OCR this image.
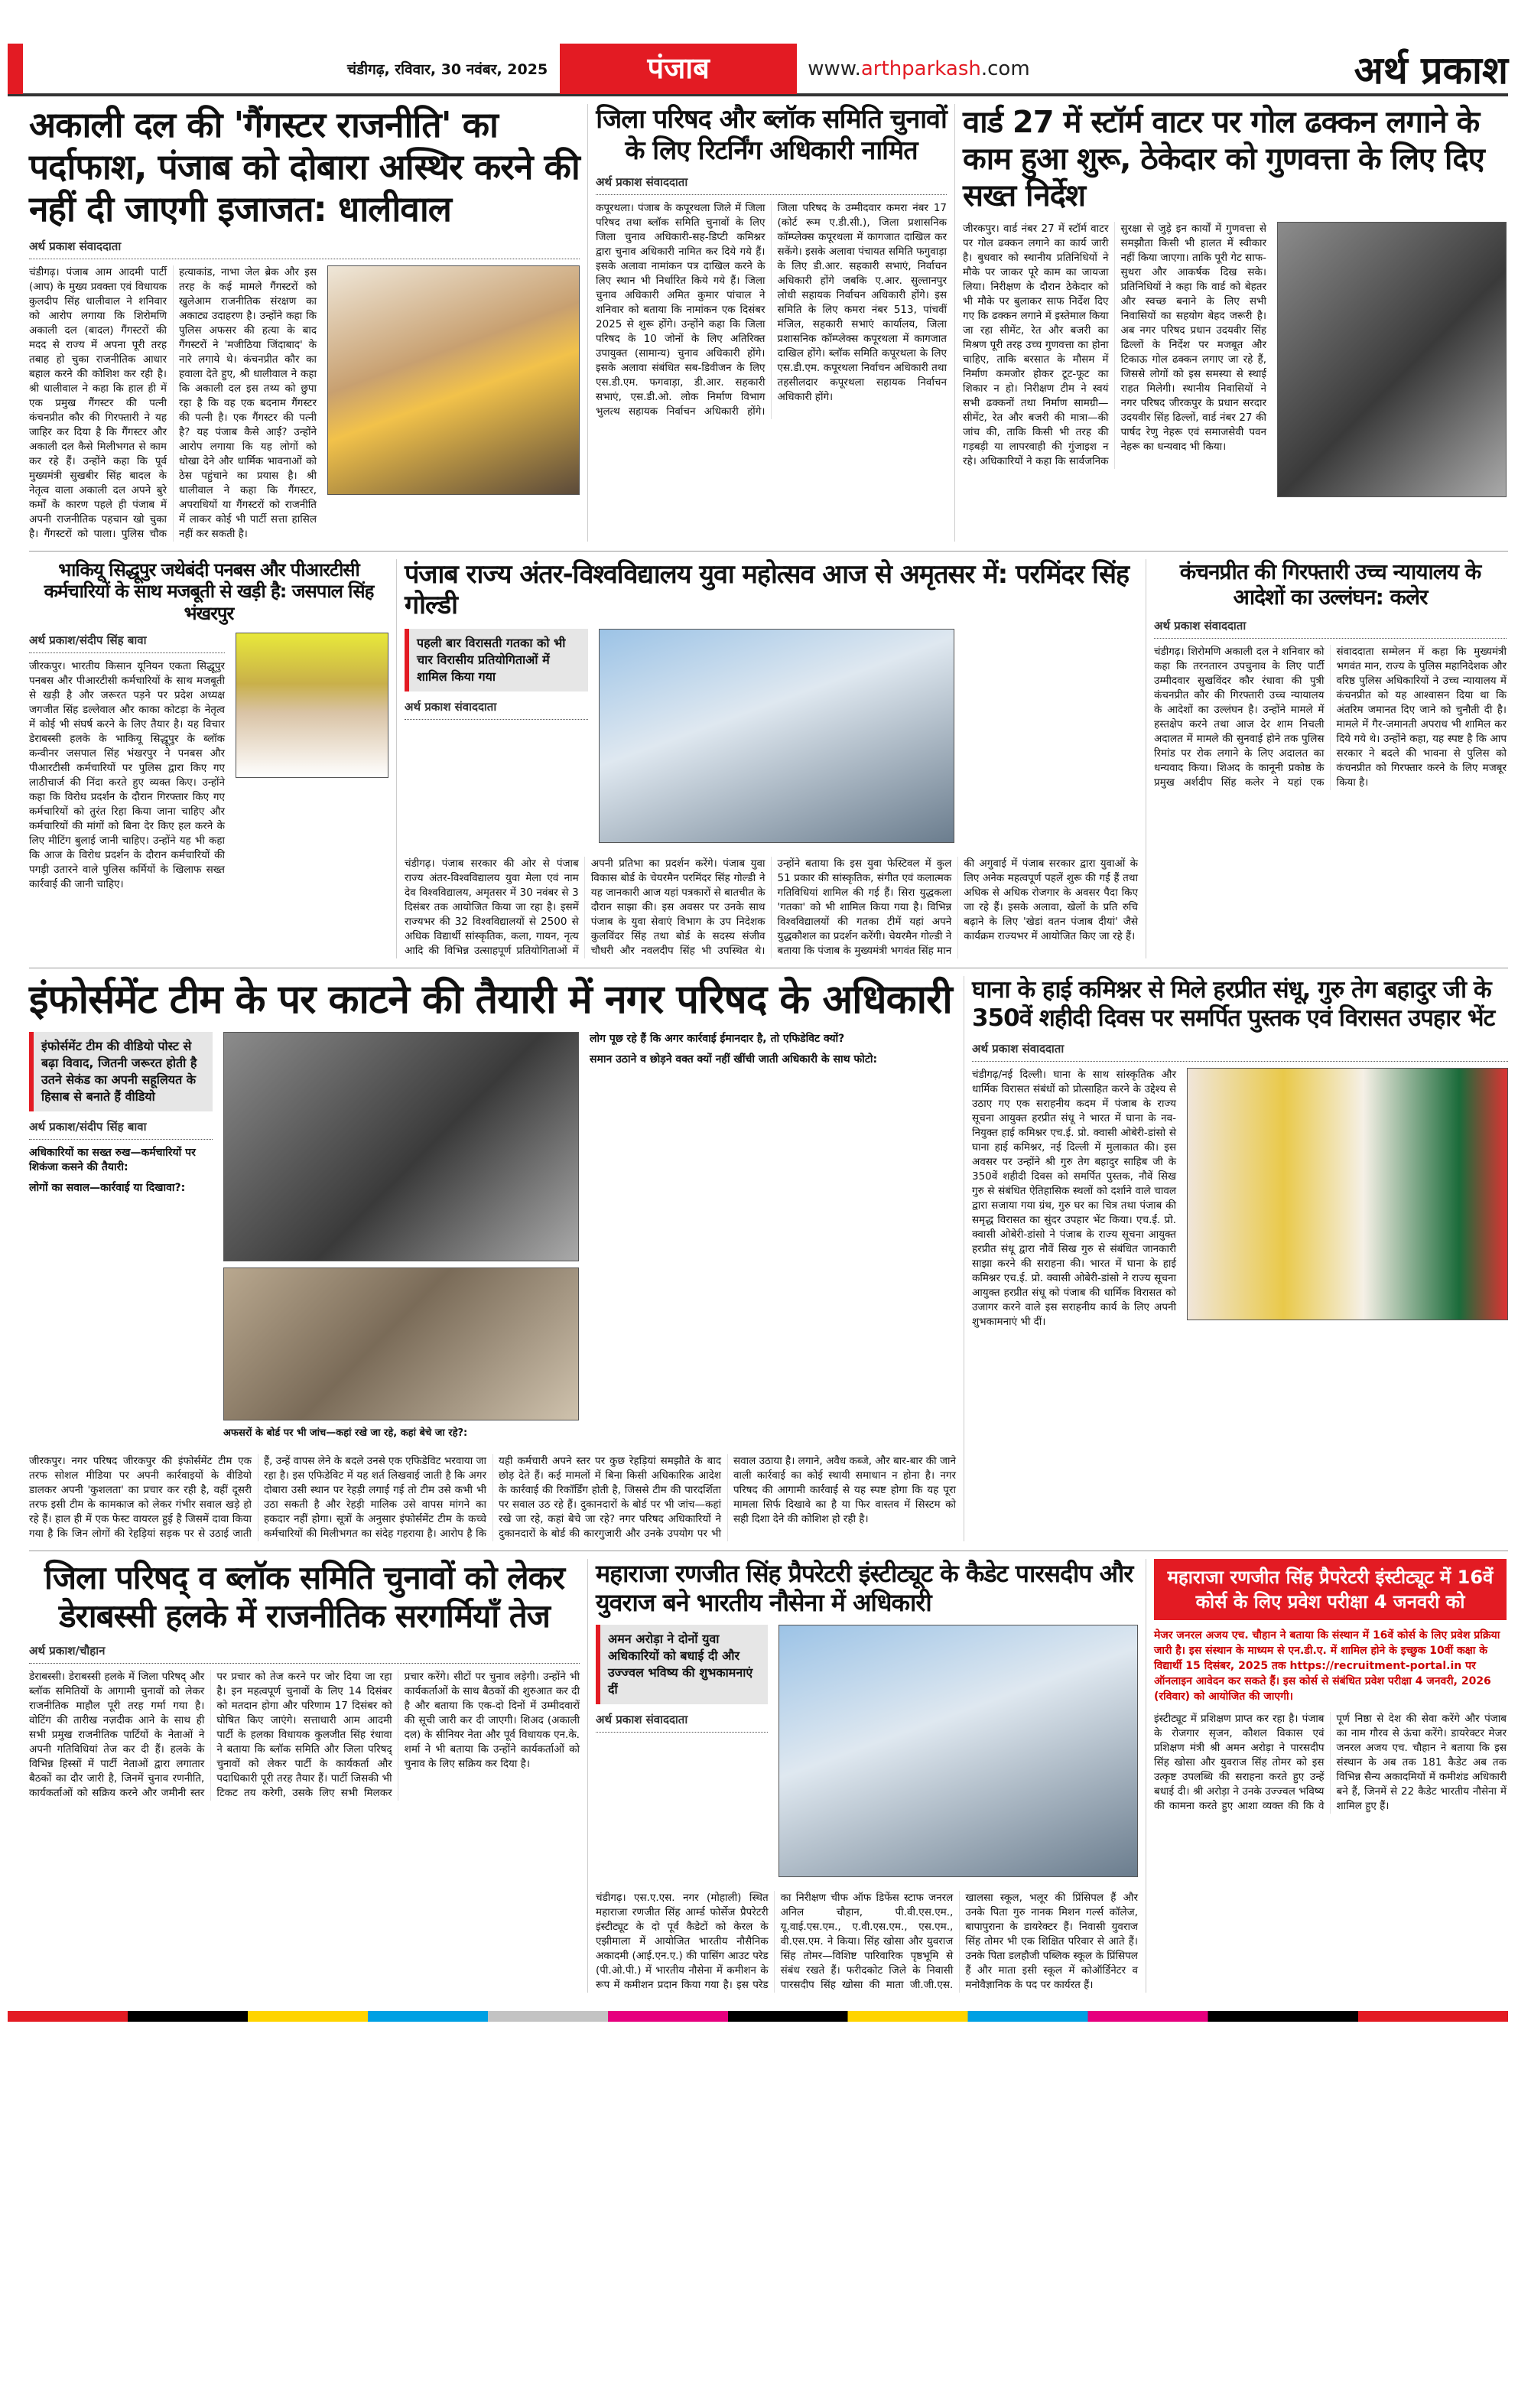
चंडीगढ़, रविवार, 30 नवंबर, 2025	पंजाब	www.arthparkash.com	अर्थ प्रकाश
अकाली दल की 'गैंगस्टर राजनीति' का पर्दाफाश, पंजाब को दोबारा अस्थिर करने की नहीं दी जाएगी इजाजत: धालीवाल
अर्थ प्रकाश संवाददाता
चंडीगढ़। पंजाब आम आदमी पार्टी (आप) के मुख्य प्रवक्ता एवं विधायक कुलदीप सिंह धालीवाल ने शनिवार को आरोप लगाया कि शिरोमणि अकाली दल (बादल) गैंगस्टरों की मदद से राज्य में अपना पूरी तरह तबाह हो चुका राजनीतिक आधार बहाल करने की कोशिश कर रही है। श्री धालीवाल ने कहा कि हाल ही में एक प्रमुख गैंगस्टर की पत्नी कंचनप्रीत कौर की गिरफ्तारी ने यह जाहिर कर दिया है कि गैंगस्टर और अकाली दल कैसे मिलीभगत से काम कर रहे हैं। उन्होंने कहा कि पूर्व मुख्यमंत्री सुखबीर सिंह बादल के नेतृत्व वाला अकाली दल अपने बुरे कर्मों के कारण पहले ही पंजाब में अपनी राजनीतिक पहचान खो चुका है। गैंगस्टरों को पाला। पुलिस चौक हत्याकांड, नाभा जेल ब्रेक और इस तरह के कई मामले गैंगस्टरों को खुलेआम राजनीतिक संरक्षण का अकाट्य उदाहरण है। उन्होंने कहा कि पुलिस अफसर की हत्या के बाद गैंगस्टरों ने 'मजीठिया जिंदाबाद' के नारे लगाये थे। कंचनप्रीत कौर का हवाला देते हुए, श्री धालीवाल ने कहा कि अकाली दल इस तथ्य को छुपा रहा है कि वह एक बदनाम गैंगस्टर की पत्नी है। एक गैंगस्टर की पत्नी है? यह पंजाब कैसे आई? उन्होंने आरोप लगाया कि यह लोगों को धोखा देने और धार्मिक भावनाओं को ठेस पहुंचाने का प्रयास है। श्री धालीवाल ने कहा कि गैंगस्टर, अपराधियों या गैंगस्टरों को राजनीति में लाकर कोई भी पार्टी सत्ता हासिल नहीं कर सकती है।
जिला परिषद और ब्लॉक समिति चुनावों के लिए रिटर्निंग अधिकारी नामित
अर्थ प्रकाश संवाददाता
कपूरथला। पंजाब के कपूरथला जिले में जिला परिषद तथा ब्लॉक समिति चुनावों के लिए जिला चुनाव अधिकारी-सह-डिप्टी कमिश्नर द्वारा चुनाव अधिकारी नामित कर दिये गये हैं। इसके अलावा नामांकन पत्र दाखिल करने के लिए स्थान भी निर्धारित किये गये हैं। जिला चुनाव अधिकारी अमित कुमार पांचाल ने शनिवार को बताया कि नामांकन एक दिसंबर 2025 से शुरू होंगे। उन्होंने कहा कि जिला परिषद के 10 जोनों के लिए अतिरिक्त उपायुक्त (सामान्य) चुनाव अधिकारी होंगे। इसके अलावा संबंधित सब-डिवीजन के लिए एस.डी.एम. फगवाड़ा, डी.आर. सहकारी सभाएं, एस.डी.ओ. लोक निर्माण विभाग भुलत्थ सहायक निर्वाचन अधिकारी होंगे। जिला परिषद के उम्मीदवार कमरा नंबर 17 (कोर्ट रूम ए.डी.सी.), जिला प्रशासनिक कॉम्प्लेक्स कपूरथला में कागजात दाखिल कर सकेंगे। इसके अलावा पंचायत समिति फगुवाड़ा के लिए डी.आर. सहकारी सभाएं, निर्वाचन अधिकारी होंगे जबकि ए.आर. सुल्तानपुर लोधी सहायक निर्वाचन अधिकारी होंगे। इस समिति के लिए कमरा नंबर 513, पांचवीं मंजिल, सहकारी सभाएं कार्यालय, जिला प्रशासनिक कॉम्प्लेक्स कपूरथला में कागजात दाखिल होंगे। ब्लॉक समिति कपूरथला के लिए एस.डी.एम. कपूरथला निर्वाचन अधिकारी तथा तहसीलदार कपूरथला सहायक निर्वाचन अधिकारी होंगे।
वार्ड 27 में स्टॉर्म वाटर पर गोल ढक्कन लगाने के काम हुआ शुरू, ठेकेदार को गुणवत्ता के लिए दिए सख्त निर्देश
जीरकपुर। वार्ड नंबर 27 में स्टॉर्म वाटर पर गोल ढक्कन लगाने का कार्य जारी है। बुधवार को स्थानीय प्रतिनिधियों ने मौके पर जाकर पूरे काम का जायजा लिया। निरीक्षण के दौरान ठेकेदार को भी मौके पर बुलाकर साफ निर्देश दिए गए कि ढक्कन लगाने में इस्तेमाल किया जा रहा सीमेंट, रेत और बजरी का मिश्रण पूरी तरह उच्च गुणवत्ता का होना चाहिए, ताकि बरसात के मौसम में निर्माण कमजोर होकर टूट-फूट का शिकार न हो। निरीक्षण टीम ने स्वयं सभी ढक्कनों तथा निर्माण सामग्री—सीमेंट, रेत और बजरी की मात्रा—की जांच की, ताकि किसी भी तरह की गड़बड़ी या लापरवाही की गुंजाइश न रहे। अधिकारियों ने कहा कि सार्वजनिक सुरक्षा से जुड़े इन कार्यों में गुणवत्ता से समझौता किसी भी हालत में स्वीकार नहीं किया जाएगा। ताकि पूरी गेट साफ-सुथरा और आकर्षक दिख सके। प्रतिनिधियों ने कहा कि वार्ड को बेहतर और स्वच्छ बनाने के लिए सभी निवासियों का सहयोग बेहद जरूरी है। अब नगर परिषद प्रधान उदयवीर सिंह ढिल्लों के निर्देश पर मजबूत और टिकाऊ गोल ढक्कन लगाए जा रहे हैं, जिससे लोगों को इस समस्या से स्थाई राहत मिलेगी। स्थानीय निवासियों ने नगर परिषद जीरकपुर के प्रधान सरदार उदयवीर सिंह ढिल्लों, वार्ड नंबर 27 की पार्षद रेणु नेहरू एवं समाजसेवी पवन नेहरू का धन्यवाद भी किया।
भाकियू सिद्धूपुर जथेबंदी पनबस और पीआरटीसी कर्मचारियों के साथ मजबूती से खड़ी है: जसपाल सिंह भंखरपुर
अर्थ प्रकाश/संदीप सिंह बावा
जीरकपुर। भारतीय किसान यूनियन एकता सिद्धूपुर पनबस और पीआरटीसी कर्मचारियों के साथ मजबूती से खड़ी है और जरूरत पड़ने पर प्रदेश अध्यक्ष जगजीत सिंह डल्लेवाल और काका कोटड़ा के नेतृत्व में कोई भी संघर्ष करने के लिए तैयार है। यह विचार डेराबस्सी हलके के भाकियू सिद्धूपुर के ब्लॉक कन्वीनर जसपाल सिंह भंखरपुर ने पनबस और पीआरटीसी कर्मचारियों पर पुलिस द्वारा किए गए लाठीचार्ज की निंदा करते हुए व्यक्त किए। उन्होंने कहा कि विरोध प्रदर्शन के दौरान गिरफ्तार किए गए कर्मचारियों को तुरंत रिहा किया जाना चाहिए और कर्मचारियों की मांगों को बिना देर किए हल करने के लिए मीटिंग बुलाई जानी चाहिए। उन्होंने यह भी कहा कि आज के विरोध प्रदर्शन के दौरान कर्मचारियों की पगड़ी उतारने वाले पुलिस कर्मियों के खिलाफ सख्त कार्रवाई की जानी चाहिए।
पंजाब राज्य अंतर-विश्वविद्यालय युवा महोत्सव आज से अमृतसर में: परमिंदर सिंह गोल्डी
पहली बार विरासती गतका को भी चार विरासीय प्रतियोगिताओं में शामिल किया गया
अर्थ प्रकाश संवाददाता
चंडीगढ़। पंजाब सरकार की ओर से पंजाब राज्य अंतर-विश्वविद्यालय युवा मेला एवं नाम देव विश्वविद्यालय, अमृतसर में 30 नवंबर से 3 दिसंबर तक आयोजित किया जा रहा है। इसमें राज्यभर की 32 विश्वविद्यालयों से 2500 से अधिक विद्यार्थी सांस्कृतिक, कला, गायन, नृत्य आदि की विभिन्न उत्साहपूर्ण प्रतियोगिताओं में अपनी प्रतिभा का प्रदर्शन करेंगे। पंजाब युवा विकास बोर्ड के चेयरमैन परमिंदर सिंह गोल्डी ने यह जानकारी आज यहां पत्रकारों से बातचीत के दौरान साझा की। इस अवसर पर उनके साथ पंजाब के युवा सेवाएं विभाग के उप निदेशक कुलविंदर सिंह तथा बोर्ड के सदस्य संजीव चौधरी और नवलदीप सिंह भी उपस्थित थे। उन्होंने बताया कि इस युवा फेस्टिवल में कुल 51 प्रकार की सांस्कृतिक, संगीत एवं कलात्मक गतिविधियां शामिल की गई हैं। सिरा युद्धकला 'गतका' को भी शामिल किया गया है। विभिन्न विश्वविद्यालयों की गतका टीमें यहां अपने युद्धकौशल का प्रदर्शन करेंगी। चेयरमैन गोल्डी ने बताया कि पंजाब के मुख्यमंत्री भगवंत सिंह मान की अगुवाई में पंजाब सरकार द्वारा युवाओं के लिए अनेक महत्वपूर्ण पहलें शुरू की गई हैं तथा अधिक से अधिक रोजगार के अवसर पैदा किए जा रहे हैं। इसके अलावा, खेलों के प्रति रुचि बढ़ाने के लिए 'खेडां वतन पंजाब दीयां' जैसे कार्यक्रम राज्यभर में आयोजित किए जा रहे हैं।
कंचनप्रीत की गिरफ्तारी उच्च न्यायालय के आदेशों का उल्लंघन: कलेर
अर्थ प्रकाश संवाददाता
चंडीगढ़। शिरोमणि अकाली दल ने शनिवार को कहा कि तरनतारन उपचुनाव के लिए पार्टी उम्मीदवार सुखविंदर कौर रंधावा की पुत्री कंचनप्रीत कौर की गिरफ्तारी उच्च न्यायालय के आदेशों का उल्लंघन है। उन्होंने मामले में हस्तक्षेप करने तथा आज देर शाम निचली अदालत में मामले की सुनवाई होने तक पुलिस रिमांड पर रोक लगाने के लिए अदालत का धन्यवाद किया। शिअद के कानूनी प्रकोष्ठ के प्रमुख अर्शदीप सिंह कलेर ने यहां एक संवाददाता सम्मेलन में कहा कि मुख्यमंत्री भगवंत मान, राज्य के पुलिस महानिदेशक और वरिष्ठ पुलिस अधिकारियों ने उच्च न्यायालय में कंचनप्रीत को यह आश्वासन दिया था कि अंतरिम जमानत दिए जाने को चुनौती दी है। मामले में गैर-जमानती अपराध भी शामिल कर दिये गये थे। उन्होंने कहा, यह स्पष्ट है कि आप सरकार ने बदले की भावना से पुलिस को कंचनप्रीत को गिरफ्तार करने के लिए मजबूर किया है।
इंफोर्समेंट टीम के पर काटने की तैयारी में नगर परिषद के अधिकारी
इंफोर्समेंट टीम की वीडियो पोस्ट से बढ़ा विवाद, जितनी जरूरत होती है उतने सेकंड का अपनी सहूलियत के हिसाब से बनाते हैं वीडियो
अर्थ प्रकाश/संदीप सिंह बावा
अधिकारियों का सख्त रुख—कर्मचारियों पर शिकंजा कसने की तैयारी:
लोगों का सवाल—कार्रवाई या दिखावा?:
अफसरों के बोर्ड पर भी जांच—कहां रखे जा रहे, कहां बेचे जा रहे?:
लोग पूछ रहे हैं कि अगर कार्रवाई ईमानदार है, तो एफिडेविट क्यों?
समान उठाने व छोड़ने वक्त क्यों नहीं खींची जाती अधिकारी के साथ फोटो:
जीरकपुर। नगर परिषद जीरकपुर की इंफोर्समेंट टीम एक तरफ सोशल मीडिया पर अपनी कार्रवाइयों के वीडियो डालकर अपनी 'कुशलता' का प्रचार कर रही है, वहीं दूसरी तरफ इसी टीम के कामकाज को लेकर गंभीर सवाल खड़े हो रहे हैं। हाल ही में एक फेस्ट वायरल हुई है जिसमें दावा किया गया है कि जिन लोगों की रेहड़ियां सड़क पर से उठाई जाती हैं, उन्हें वापस लेने के बदले उनसे एक एफिडेविट भरवाया जा रहा है। इस एफिडेविट में यह शर्त लिखवाई जाती है कि अगर दोबारा उसी स्थान पर रेहड़ी लगाई गई तो टीम उसे कभी भी उठा सकती है और रेहड़ी मालिक उसे वापस मांगने का हकदार नहीं होगा। सूत्रों के अनुसार इंफोर्समेंट टीम के कच्चे कर्मचारियों की मिलीभगत का संदेह गहराया है। आरोप है कि यही कर्मचारी अपने स्तर पर कुछ रेहड़ियां समझौते के बाद छोड़ देते हैं। कई मामलों में बिना किसी अधिकारिक आदेश के कार्रवाई की रिकॉर्डिंग होती है, जिससे टीम की पारदर्शिता पर सवाल उठ रहे हैं। दुकानदारों के बोर्ड पर भी जांच—कहां रखे जा रहे, कहां बेचे जा रहे? नगर परिषद अधिकारियों ने दुकानदारों के बोर्ड की कारगुजारी और उनके उपयोग पर भी सवाल उठाया है। लगाने, अवैध कब्जे, और बार-बार की जाने वाली कार्रवाई का कोई स्थायी समाधान न होना है। नगर परिषद की आगामी कार्रवाई से यह स्पष्ट होगा कि यह पूरा मामला सिर्फ दिखावे का है या फिर वास्तव में सिस्टम को सही दिशा देने की कोशिश हो रही है।
घाना के हाई कमिश्नर से मिले हरप्रीत संधू, गुरु तेग बहादुर जी के 350वें शहीदी दिवस पर समर्पित पुस्तक एवं विरासत उपहार भेंट
अर्थ प्रकाश संवाददाता
चंडीगढ़/नई दिल्ली। घाना के साथ सांस्कृतिक और धार्मिक विरासत संबंधों को प्रोत्साहित करने के उद्देश्य से उठाए गए एक सराहनीय कदम में पंजाब के राज्य सूचना आयुक्त हरप्रीत संधू ने भारत में घाना के नव-नियुक्त हाई कमिश्नर एच.ई. प्रो. क्वासी ओबेरी-डांसो से घाना हाई कमिश्नर, नई दिल्ली में मुलाकात की। इस अवसर पर उन्होंने श्री गुरु तेग बहादुर साहिब जी के 350वें शहीदी दिवस को समर्पित पुस्तक, नौवें सिख गुरु से संबंधित ऐतिहासिक स्थलों को दर्शाने वाले चावल द्वारा सजाया गया ग्रंथ, गुरु घर का चित्र तथा पंजाब की समृद्ध विरासत का सुंदर उपहार भेंट किया। एच.ई. प्रो. क्वासी ओबेरी-डांसो ने पंजाब के राज्य सूचना आयुक्त हरप्रीत संधू द्वारा नौवें सिख गुरु से संबंधित जानकारी साझा करने की सराहना की। भारत में घाना के हाई कमिश्नर एच.ई. प्रो. क्वासी ओबेरी-डांसो ने राज्य सूचना आयुक्त हरप्रीत संधू को पंजाब की धार्मिक विरासत को उजागर करने वाले इस सराहनीय कार्य के लिए अपनी शुभकामनाएं भी दीं।
जिला परिषद् व ब्लॉक समिति चुनावों को लेकर डेराबस्सी हलके में राजनीतिक सरगर्मियाँ तेज
अर्थ प्रकाश/चौहान
डेराबस्सी। डेराबस्सी हलके में जिला परिषद् और ब्लॉक समितियों के आगामी चुनावों को लेकर राजनीतिक माहौल पूरी तरह गर्मा गया है। वोटिंग की तारीख नज़दीक आने के साथ ही सभी प्रमुख राजनीतिक पार्टियों के नेताओं ने अपनी गतिविधियां तेज कर दी हैं। हलके के विभिन्न हिस्सों में पार्टी नेताओं द्वारा लगातार बैठकों का दौर जारी है, जिनमें चुनाव रणनीति, कार्यकर्ताओं को सक्रिय करने और जमीनी स्तर पर प्रचार को तेज करने पर जोर दिया जा रहा है। इन महत्वपूर्ण चुनावों के लिए 14 दिसंबर को मतदान होगा और परिणाम 17 दिसंबर को घोषित किए जाएंगे। सत्ताधारी आम आदमी पार्टी के हलका विधायक कुलजीत सिंह रंधावा ने बताया कि ब्लॉक समिति और जिला परिषद् चुनावों को लेकर पार्टी के कार्यकर्ता और पदाधिकारी पूरी तरह तैयार हैं। पार्टी जिसकी भी टिकट तय करेगी, उसके लिए सभी मिलकर प्रचार करेंगे। सीटों पर चुनाव लड़ेगी। उन्होंने भी कार्यकर्ताओं के साथ बैठकों की शुरुआत कर दी है और बताया कि एक-दो दिनों में उम्मीदवारों की सूची जारी कर दी जाएगी। शिअद (अकाली दल) के सीनियर नेता और पूर्व विधायक एन.के. शर्मा ने भी बताया कि उन्होंने कार्यकर्ताओं को चुनाव के लिए सक्रिय कर दिया है।
महाराजा रणजीत सिंह प्रैपरेटरी इंस्टीट्यूट के कैडेट पारसदीप और युवराज बने भारतीय नौसेना में अधिकारी
अमन अरोड़ा ने दोनों युवा अधिकारियों को बधाई दी और उज्ज्वल भविष्य की शुभकामनाएं दीं
अर्थ प्रकाश संवाददाता
चंडीगढ़। एस.ए.एस. नगर (मोहाली) स्थित महाराजा रणजीत सिंह आर्म्ड फोर्सेज प्रैपरेटरी इंस्टीट्यूट के दो पूर्व कैडेटों को केरल के एझीमाला में आयोजित भारतीय नौसैनिक अकादमी (आई.एन.ए.) की पासिंग आउट परेड (पी.ओ.पी.) में भारतीय नौसेना में कमीशन के रूप में कमीशन प्रदान किया गया है। इस परेड का निरीक्षण चीफ ऑफ डिफेंस स्टाफ जनरल अनिल चौहान, पी.वी.एस.एम., यू.वाई.एस.एम., ए.वी.एस.एम., एस.एम., वी.एस.एम. ने किया। सिंह खोसा और युवराज सिंह तोमर—विशिष्ट पारिवारिक पृष्ठभूमि से संबंध रखते हैं। फरीदकोट जिले के निवासी पारसदीप सिंह खोसा की माता जी.जी.एस. खालसा स्कूल, भलूर की प्रिंसिपल हैं और उनके पिता गुरु नानक मिशन गर्ल्स कॉलेज, बापापुराना के डायरेक्टर हैं। निवासी युवराज सिंह तोमर भी एक शिक्षित परिवार से आते हैं। उनके पिता डलहौजी पब्लिक स्कूल के प्रिंसिपल हैं और माता इसी स्कूल में कोऑर्डिनेटर व मनोवैज्ञानिक के पद पर कार्यरत हैं।
महाराजा रणजीत सिंह प्रैपरेटरी इंस्टीट्यूट में 16वें कोर्स के लिए प्रवेश परीक्षा 4 जनवरी को
मेजर जनरल अजय एच. चौहान ने बताया कि संस्थान में 16वें कोर्स के लिए प्रवेश प्रक्रिया जारी है। इस संस्थान के माध्यम से एन.डी.ए. में शामिल होने के इच्छुक 10वीं कक्षा के विद्यार्थी 15 दिसंबर, 2025 तक https://recruitment-portal.in पर ऑनलाइन आवेदन कर सकते हैं। इस कोर्स से संबंधित प्रवेश परीक्षा 4 जनवरी, 2026 (रविवार) को आयोजित की जाएगी।
इंस्टीट्यूट में प्रशिक्षण प्राप्त कर रहा है। पंजाब के रोजगार सृजन, कौशल विकास एवं प्रशिक्षण मंत्री श्री अमन अरोड़ा ने पारसदीप सिंह खोसा और युवराज सिंह तोमर को इस उत्कृष्ट उपलब्धि की सराहना करते हुए उन्हें बधाई दी। श्री अरोड़ा ने उनके उज्ज्वल भविष्य की कामना करते हुए आशा व्यक्त की कि वे पूर्ण निष्ठा से देश की सेवा करेंगे और पंजाब का नाम गौरव से ऊंचा करेंगे। डायरेक्टर मेजर जनरल अजय एच. चौहान ने बताया कि इस संस्थान के अब तक 181 कैडेट अब तक विभिन्न सैन्य अकादमियों में कमीशंड अधिकारी बने हैं, जिनमें से 22 कैडेट भारतीय नौसेना में शामिल हुए हैं।
